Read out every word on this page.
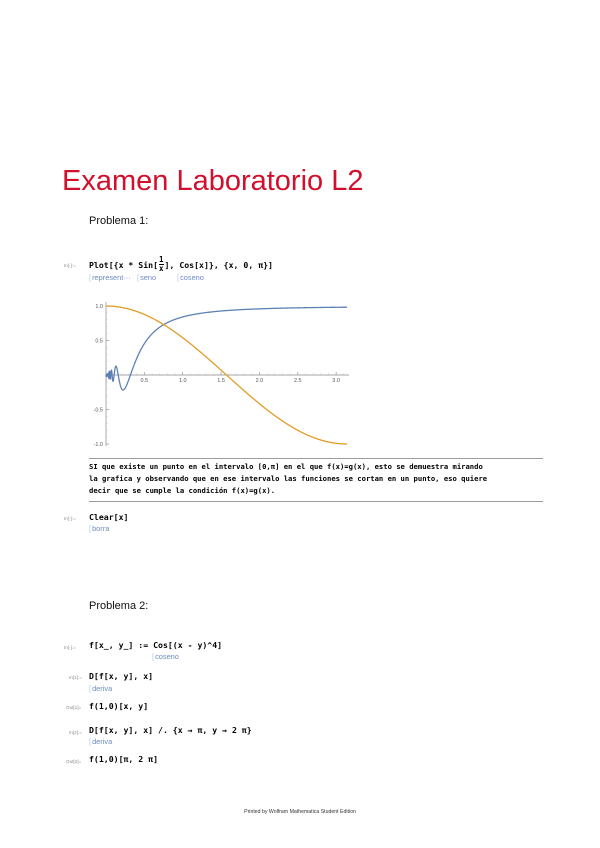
Examen Laboratorio L2
Problema 1:
In[-]:= Plot[{x * Sin[ 1
x ], Cos[x]}, {x, 0, π}]
[ represent···	[ seno	[ coseno
0.5	1.0	1.5	2.0	2.5	3.0
1.0
0.5
-0.5
-1.0
SI que existe un punto en el intervalo [0,π] en el que f(x)=g(x), esto se demuestra mirando
la grafica y observando que en ese intervalo las funciones se cortan en un punto, eso quiere
decir que se cumple la condición f(x)=g(x).
In[-]:= Clear[x]
[ borra
Problema 2:
In[-]:= f[x_, y_] := Cos[(x - y)^4]
[ coseno
In[1]:= D[f[x, y], x]
[ deriva
Out[1]= f(1,0)[x, y]
In[2]:= D[f[x, y], x] /. {x → π, y → 2 π}
[ deriva
Out[2]= f(1,0)[π, 2 π]
Printed by Wolfram Mathematica Student Edition
